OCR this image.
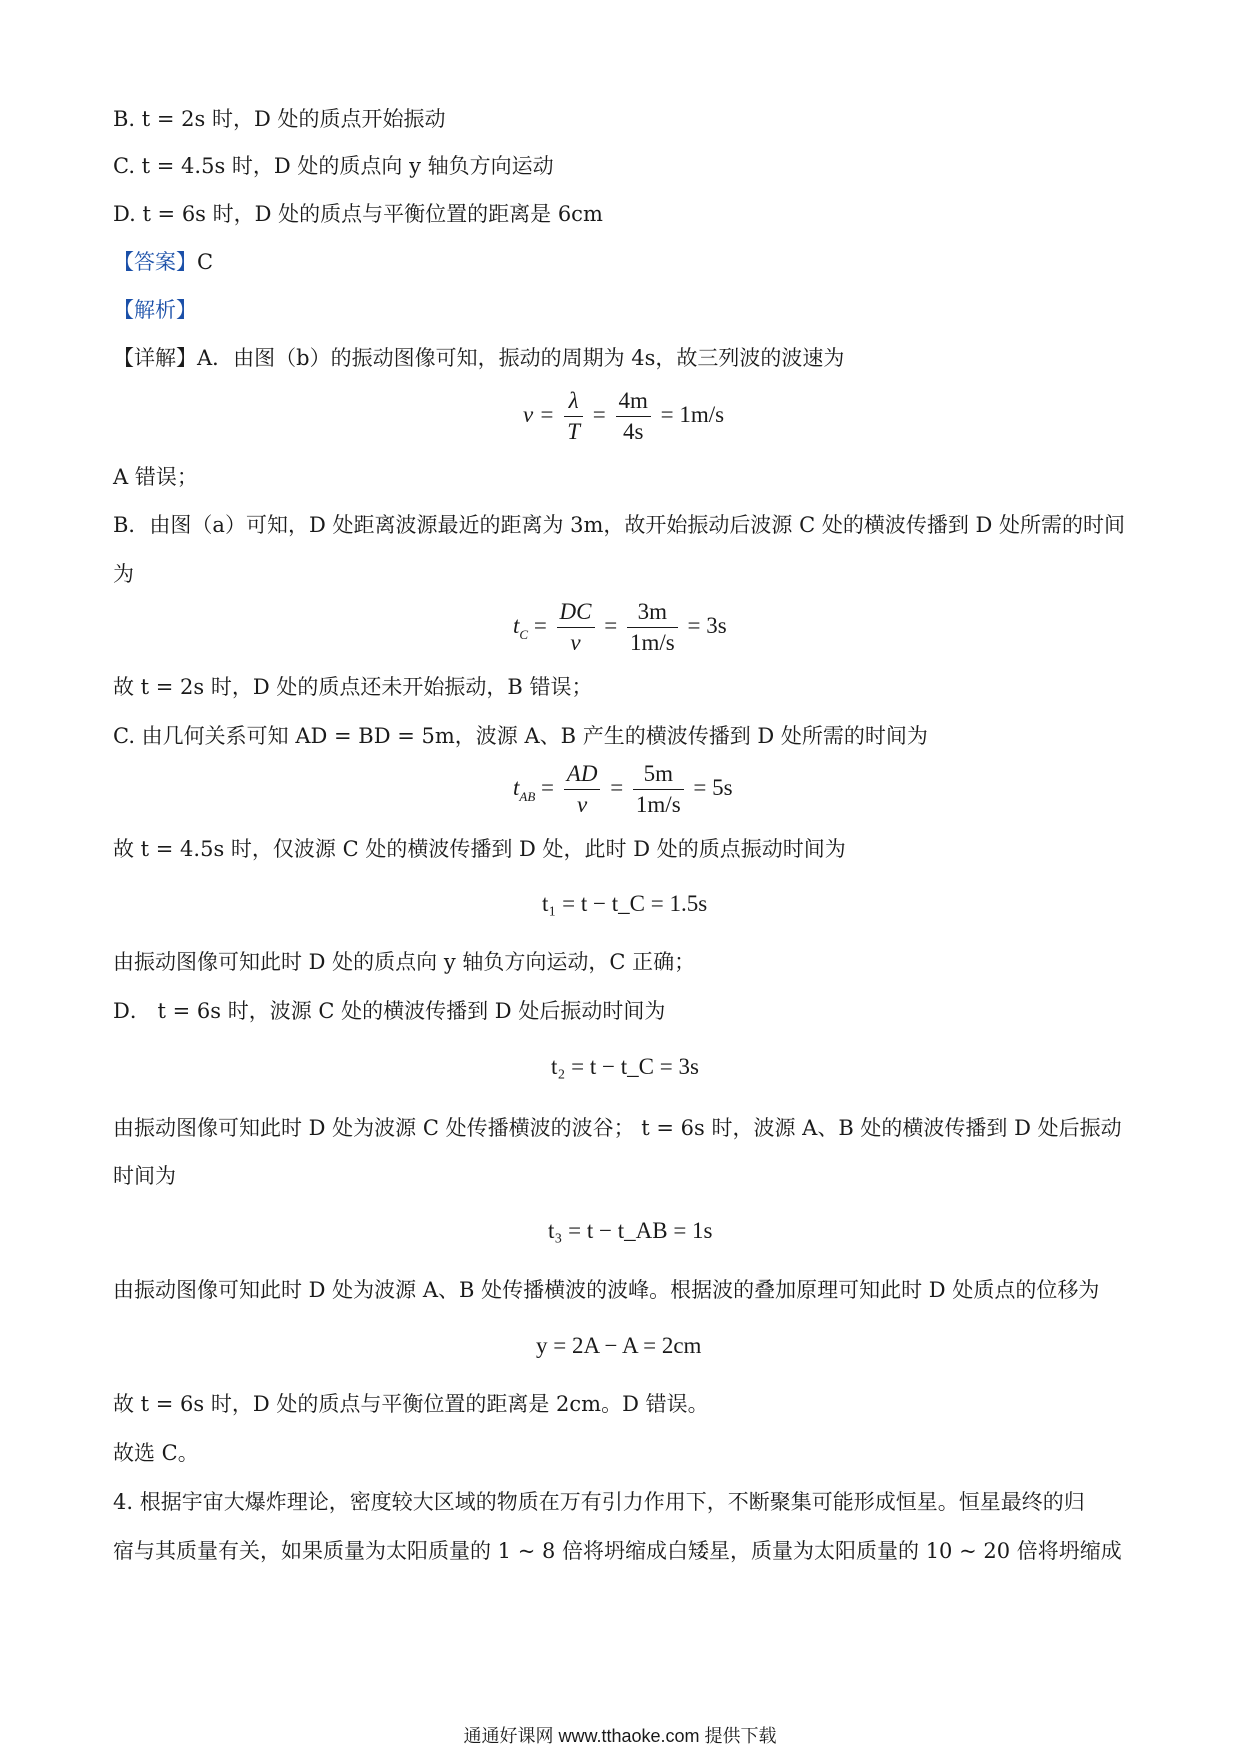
B. t = 2s 时，D 处的质点开始振动
C. t = 4.5s 时，D 处的质点向 y 轴负方向运动
D. t = 6s 时，D 处的质点与平衡位置的距离是 6cm
【答案】C
【解析】
【详解】A．由图（b）的振动图像可知，振动的周期为 4s，故三列波的波速为
$v = \frac{\lambda}{T} = \frac{4m}{4s} = 1m/s$
A 错误；
B．由图（a）可知，D 处距离波源最近的距离为 3m，故开始振动后波源 C 处的横波传播到 D 处所需的时间
为
$t_C = \frac{DC}{v} = \frac{3m}{1m/s} = 3s$
故 t = 2s 时，D 处的质点还未开始振动，B 错误；
C. 由几何关系可知 AD = BD = 5m，波源 A、B 产生的横波传播到 D 处所需的时间为
$t_{AB} = \frac{AD}{v} = \frac{5m}{1m/s} = 5s$
故 t = 4.5s 时，仅波源 C 处的横波传播到 D 处，此时 D 处的质点振动时间为
t₁ = t − t_C = 1.5s
由振动图像可知此时 D 处的质点向 y 轴负方向运动，C 正确；
D． t = 6s 时，波源 C 处的横波传播到 D 处后振动时间为
t₂ = t − t_C = 3s
由振动图像可知此时 D 处为波源 C 处传播横波的波谷； t = 6s 时，波源 A、B 处的横波传播到 D 处后振动
时间为
t₃ = t − t_AB = 1s
由振动图像可知此时 D 处为波源 A、B 处传播横波的波峰。根据波的叠加原理可知此时 D 处质点的位移为
y = 2A − A = 2cm
故 t = 6s 时，D 处的质点与平衡位置的距离是 2cm。D 错误。
故选 C。
4. 根据宇宙大爆炸理论，密度较大区域的物质在万有引力作用下，不断聚集可能形成恒星。恒星最终的归
宿与其质量有关，如果质量为太阳质量的 1 ~ 8 倍将坍缩成白矮星，质量为太阳质量的 10 ~ 20 倍将坍缩成
通通好课网 www.tthaoke.com 提供下载
